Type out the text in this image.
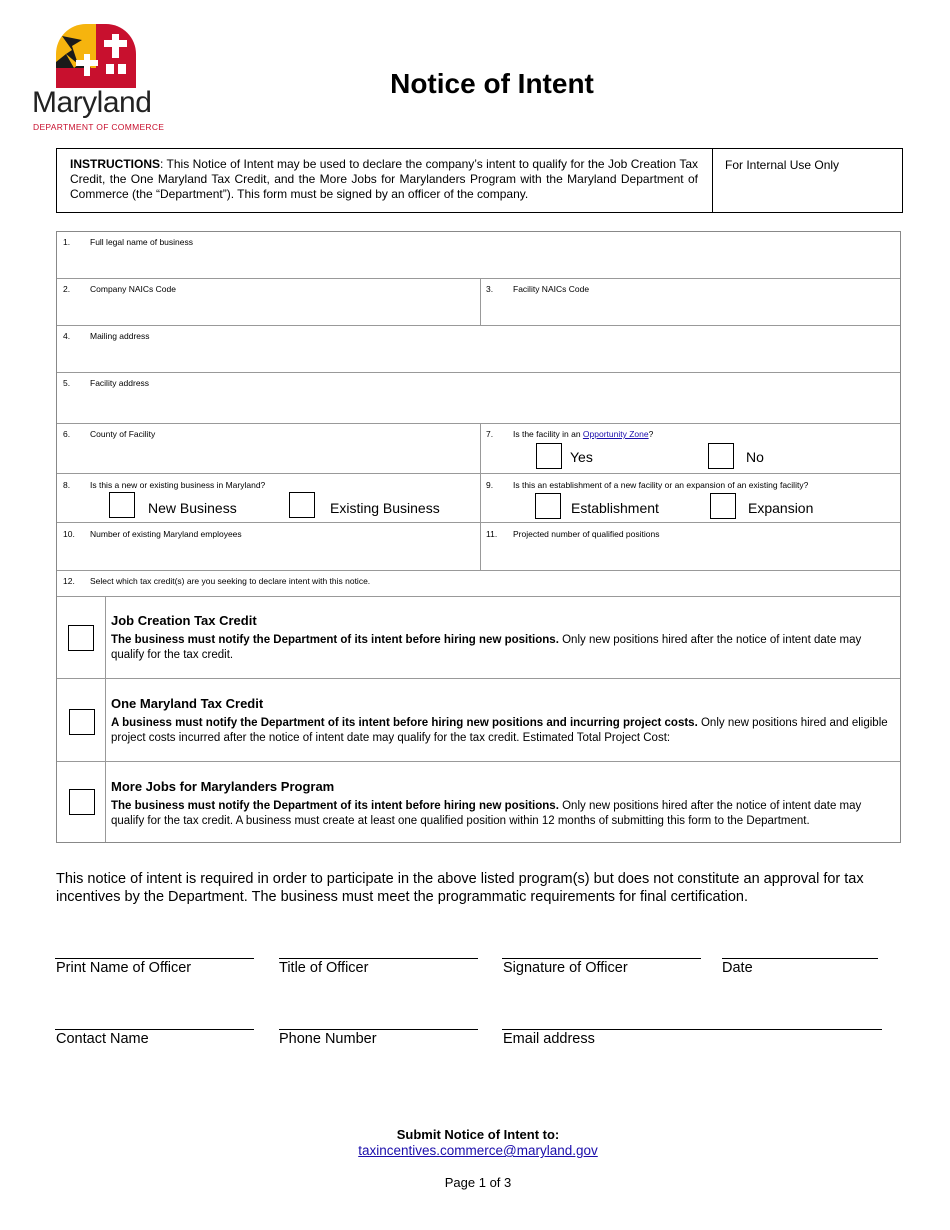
Maryland
DEPARTMENT OF COMMERCE
Notice of Intent
INSTRUCTIONS: This Notice of Intent may be used to declare the company’s intent to qualify for the Job Creation Tax Credit, the One Maryland Tax Credit, and the More Jobs for Marylanders Program with the Maryland Department of Commerce (the “Department”). This form must be signed by an officer of the company.
For Internal Use Only
1. Full legal name of business
2. Company NAICs Code	3. Facility NAICs Code
4. Mailing address
5. Facility address
6. County of Facility	7. Is the facility in an Opportunity Zone?
Yes	No
8. Is this a new or existing business in Maryland?
New Business	Existing Business
9. Is this an establishment of a new facility or an expansion of an existing facility?
Establishment	Expansion
10. Number of existing Maryland employees	11. Projected number of qualified positions
12. Select which tax credit(s) are you seeking to declare intent with this notice.
Job Creation Tax Credit
The business must notify the Department of its intent before hiring new positions. Only new positions hired after the notice of intent date may qualify for the tax credit.
One Maryland Tax Credit
A business must notify the Department of its intent before hiring new positions and incurring project costs. Only new positions hired and eligible project costs incurred after the notice of intent date may qualify for the tax credit. Estimated Total Project Cost:
More Jobs for Marylanders Program
The business must notify the Department of its intent before hiring new positions. Only new positions hired after the notice of intent date may qualify for the tax credit. A business must create at least one qualified position within 12 months of submitting this form to the Department.
This notice of intent is required in order to participate in the above listed program(s) but does not constitute an approval for tax incentives by the Department. The business must meet the programmatic requirements for final certification.
Print Name of Officer	Title of Officer	Signature of Officer	Date
Contact Name	Phone Number	Email address
Submit Notice of Intent to:
taxincentives.commerce@maryland.gov
Page 1 of 3
